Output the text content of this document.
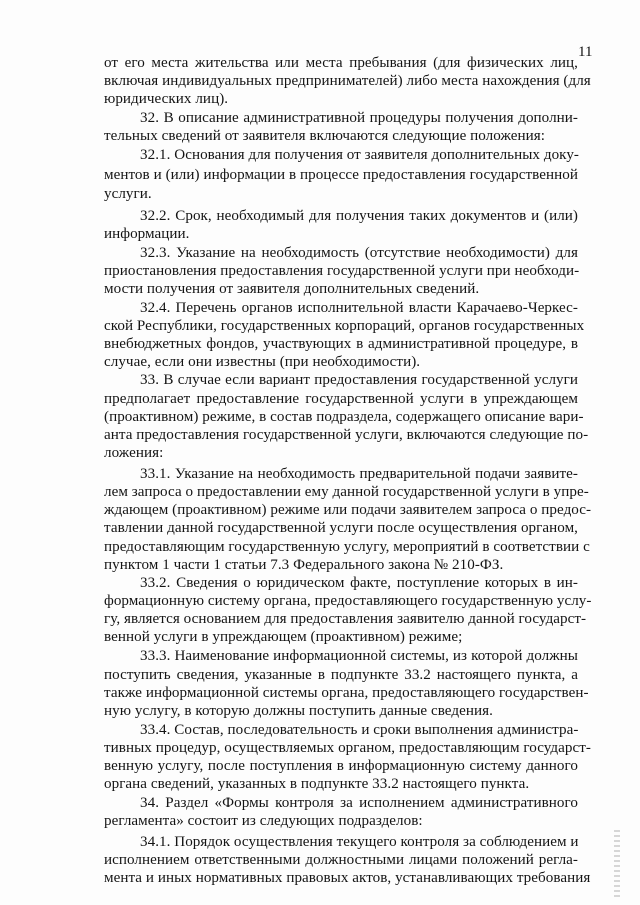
11
от его места жительства или места пребывания (для физических лиц,
включая индивидуальных предпринимателей) либо места нахождения (для
юридических лиц).
32. В описание административной процедуры получения дополни-
тельных сведений от заявителя включаются следующие положения:
32.1. Основания для получения от заявителя дополнительных доку-
ментов и (или) информации в процессе предоставления государственной
услуги.
32.2. Срок, необходимый для получения таких документов и (или)
информации.
32.3. Указание на необходимость (отсутствие необходимости) для
приостановления предоставления государственной услуги при необходи-
мости получения от заявителя дополнительных сведений.
32.4. Перечень органов исполнительной власти Карачаево-Черкес-
ской Республики, государственных корпораций, органов государственных
внебюджетных фондов, участвующих в административной процедуре, в
случае, если они известны (при необходимости).
33. В случае если вариант предоставления государственной услуги
предполагает предоставление государственной услуги в упреждающем
(проактивном) режиме, в состав подраздела, содержащего описание вари-
анта предоставления государственной услуги, включаются следующие по-
ложения:
33.1. Указание на необходимость предварительной подачи заявите-
лем запроса о предоставлении ему данной государственной услуги в упре-
ждающем (проактивном) режиме или подачи заявителем запроса о предос-
тавлении данной государственной услуги после осуществления органом,
предоставляющим государственную услугу, мероприятий в соответствии с
пунктом 1 части 1 статьи 7.3 Федерального закона № 210-ФЗ.
33.2. Сведения о юридическом факте, поступление которых в ин-
формационную систему органа, предоставляющего государственную услу-
гу, является основанием для предоставления заявителю данной государст-
венной услуги в упреждающем (проактивном) режиме;
33.3. Наименование информационной системы, из которой должны
поступить сведения, указанные в подпункте 33.2 настоящего пункта, а
также информационной системы органа, предоставляющего государствен-
ную услугу, в которую должны поступить данные сведения.
33.4. Состав, последовательность и сроки выполнения администра-
тивных процедур, осуществляемых органом, предоставляющим государст-
венную услугу, после поступления в информационную систему данного
органа сведений, указанных в подпункте 33.2 настоящего пункта.
34. Раздел «Формы контроля за исполнением административного
регламента» состоит из следующих подразделов:
34.1. Порядок осуществления текущего контроля за соблюдением и
исполнением ответственными должностными лицами положений регла-
мента и иных нормативных правовых актов, устанавливающих требования
